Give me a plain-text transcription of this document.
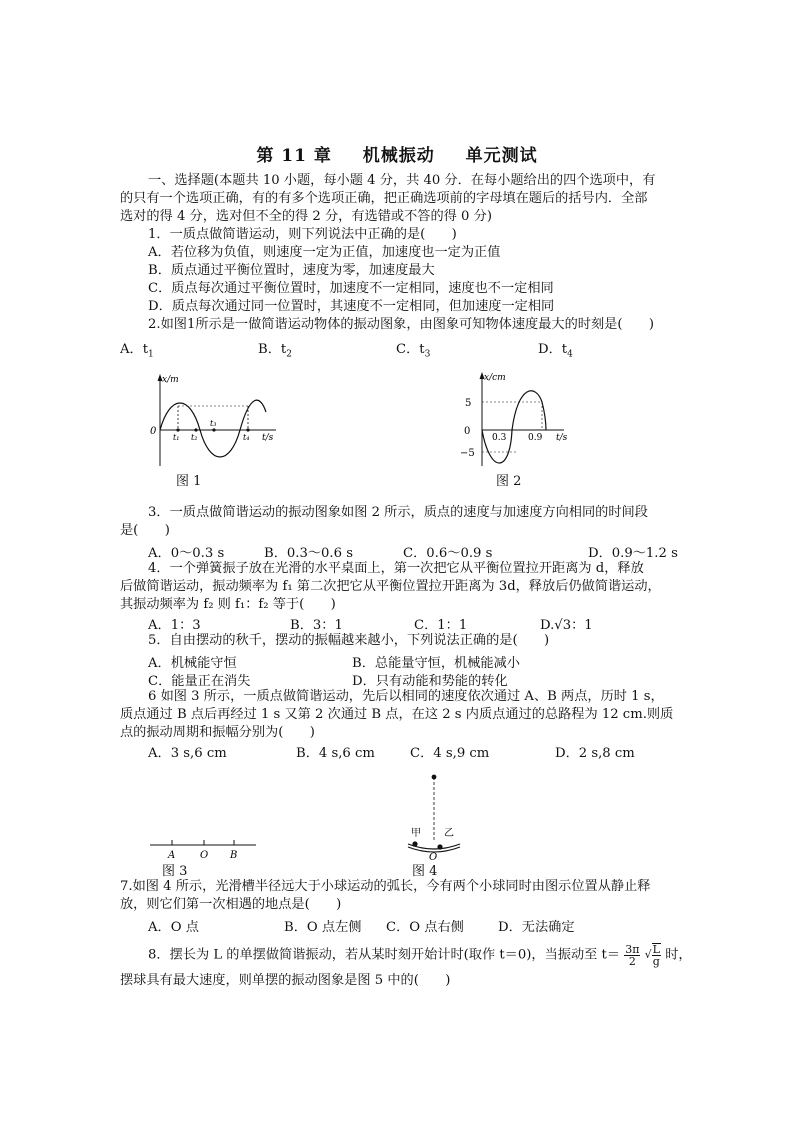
第 11 章 机械振动 单元测试
一、选择题(本题共 10 小题，每小题 4 分，共 40 分．在每小题给出的四个选项中，有
的只有一个选项正确，有的有多个选项正确，把正确选项前的字母填在题后的括号内．全部
选对的得 4 分，选对但不全的得 2 分，有选错或不答的得 0 分)
1．一质点做简谐运动，则下列说法中正确的是(　　)
A．若位移为负值，则速度一定为正值，加速度也一定为正值
B．质点通过平衡位置时，速度为零，加速度最大
C．质点每次通过平衡位置时，加速度不一定相同，速度也不一定相同
D．质点每次通过同一位置时，其速度不一定相同，但加速度一定相同
2.如图1所示是一做简谐运动物体的振动图象，由图象可知物体速度最大的时刻是(　　)
A．$t_1$	B．$t_2$	C．$t_3$	D．$t_4$
x/m
t/s
0
t₁ t₂
t₃
t₄
图 1
x/cm
t/s
0
5
−5
0.3 0.9
图 2
3．一质点做简谐运动的振动图象如图 2 所示，质点的速度与加速度方向相同的时间段
是(　　)
A．0～0.3 s	B．0.3～0.6 s	C．0.6～0.9 s	D．0.9～1.2 s
4．一个弹簧振子放在光滑的水平桌面上，第一次把它从平衡位置拉开距离为 d，释放
后做简谐运动，振动频率为 f₁ 第二次把它从平衡位置拉开距离为 3d，释放后仍做简谐运动，
其振动频率为 f₂ 则 f₁：f₂ 等于(　　)
A．1：3	B．3：1	C．1：1	D.√3：1
5．自由摆动的秋千，摆动的振幅越来越小，下列说法正确的是(　　)
A．机械能守恒	B．总能量守恒，机械能减小
C．能量正在消失	D．只有动能和势能的转化
6 如图 3 所示，一质点做简谐运动，先后以相同的速度依次通过 A、B 两点，历时 1 s，
质点通过 B 点后再经过 1 s 又第 2 次通过 B 点，在这 2 s 内质点通过的总路程为 12 cm.则质
点的振动周期和振幅分别为(　　)
A．3 s,6 cm	B．4 s,6 cm	C．4 s,9 cm	D．2 s,8 cm
A O B
图 3
甲 乙
O
图 4
7.如图 4 所示，光滑槽半径远大于小球运动的弧长，今有两个小球同时由图示位置从静止释
放，则它们第一次相遇的地点是(　　)
A．O 点	B．O 点左侧 C．O 点右侧	D．无法确定
8．摆长为 L 的单摆做简谐振动，若从某时刻开始计时(取作 t＝0)，当振动至 $t= \frac{3\pi}{2}$ √ $\frac{L}{g}$ 时，
摆球具有最大速度，则单摆的振动图象是图 5 中的(　　)
